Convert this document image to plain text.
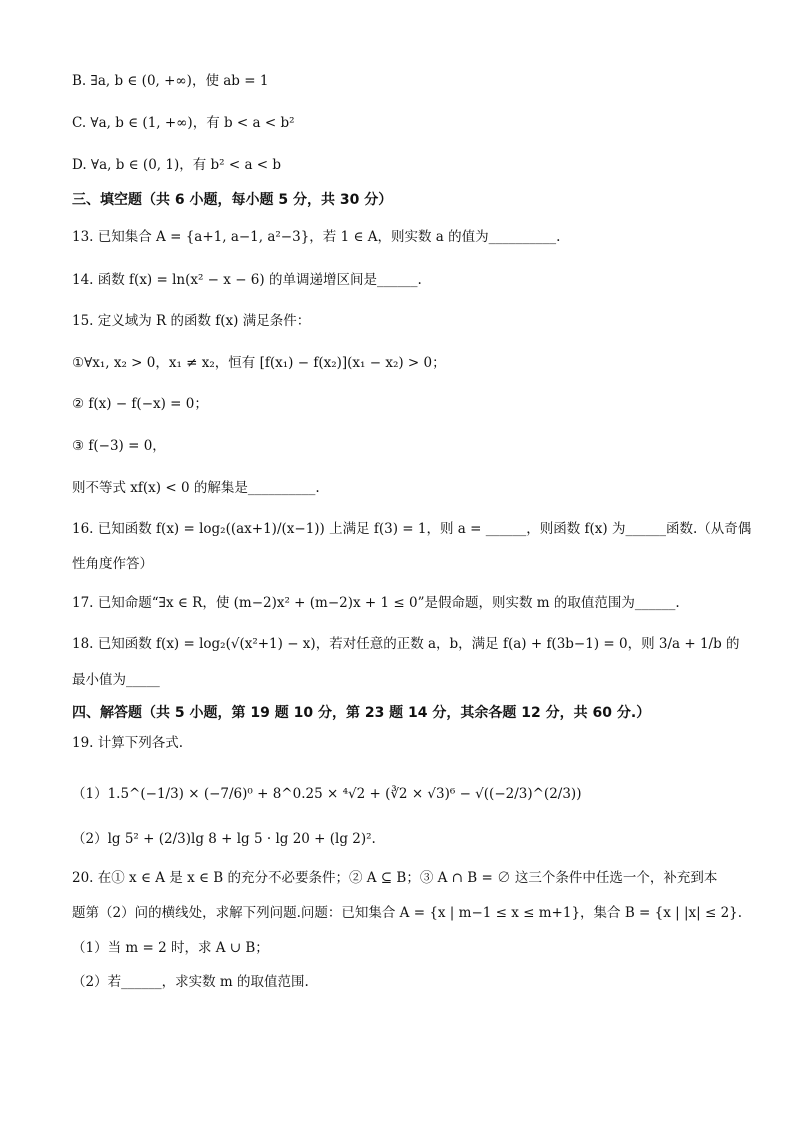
B. ∃a, b ∈ (0, +∞)，使 ab = 1
C. ∀a, b ∈ (1, +∞)，有 b < a < b²
D. ∀a, b ∈ (0, 1)，有 b² < a < b
三、填空题（共 6 小题，每小题 5 分，共 30 分）
13. 已知集合 A = {a+1, a−1, a²−3}，若 1 ∈ A，则实数 a 的值为__________.
14. 函数 f(x) = ln(x² − x − 6) 的单调递增区间是______.
15. 定义域为 R 的函数 f(x) 满足条件：
①∀x₁, x₂ > 0，x₁ ≠ x₂，恒有 [f(x₁) − f(x₂)](x₁ − x₂) > 0；
② f(x) − f(−x) = 0；
③ f(−3) = 0，
则不等式 xf(x) < 0 的解集是__________.
16. 已知函数 f(x) = log₂((ax+1)/(x−1)) 上满足 f(3) = 1，则 a = ______，则函数 f(x) 为______函数.（从奇偶
性角度作答）
17. 已知命题“∃x ∈ R，使 (m−2)x² + (m−2)x + 1 ≤ 0”是假命题，则实数 m 的取值范围为______.
18. 已知函数 f(x) = log₂(√(x²+1) − x)，若对任意的正数 a，b，满足 f(a) + f(3b−1) = 0，则 3/a + 1/b 的
最小值为_____
四、解答题（共 5 小题，第 19 题 10 分，第 23 题 14 分，其余各题 12 分，共 60 分.）
19. 计算下列各式.
（1）1.5^(−1/3) × (−7/6)⁰ + 8^0.25 × ⁴√2 + (∛2 × √3)⁶ − √((−2/3)^(2/3))
（2）lg 5² + (2/3)lg 8 + lg 5 · lg 20 + (lg 2)².
20. 在① x ∈ A 是 x ∈ B 的充分不必要条件；② A ⊆ B；③ A ∩ B = ∅ 这三个条件中任选一个，补充到本
题第（2）问的横线处，求解下列问题.问题：已知集合 A = {x | m−1 ≤ x ≤ m+1}，集合 B = {x | |x| ≤ 2}.
（1）当 m = 2 时，求 A ∪ B；
（2）若______，求实数 m 的取值范围.
